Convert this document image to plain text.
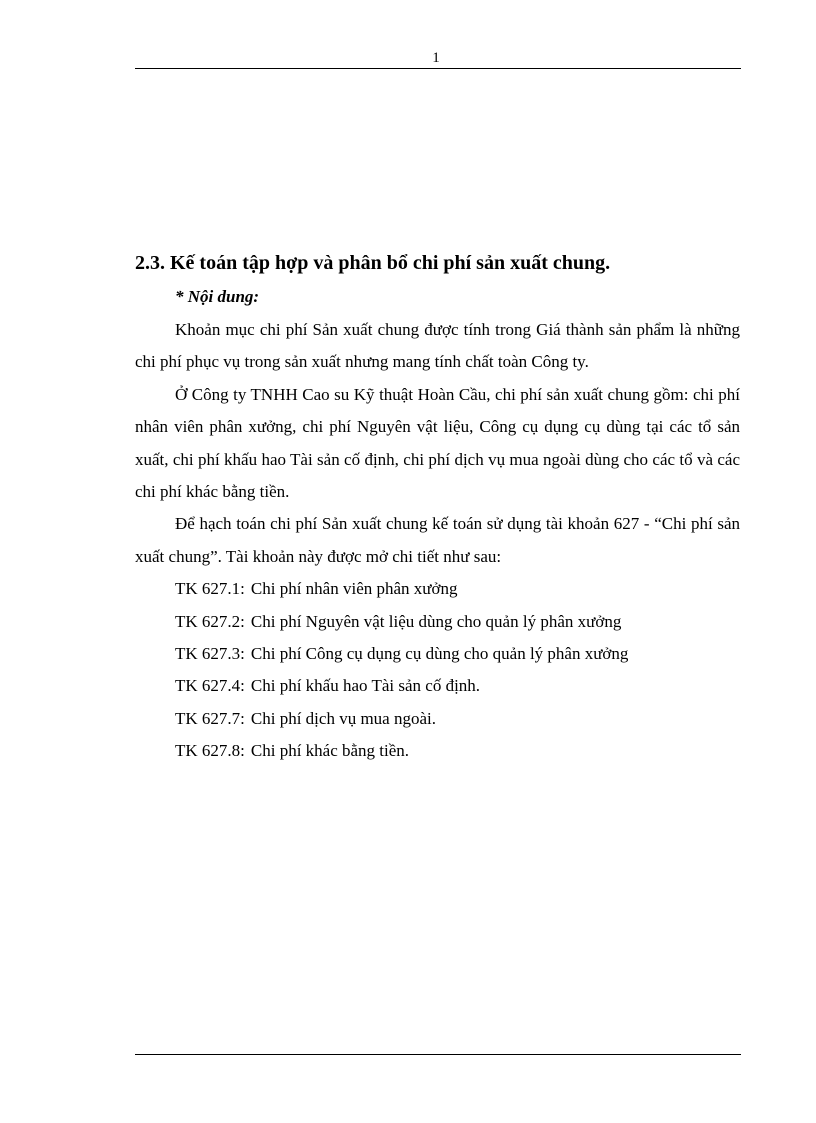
1
2.3. Kế toán tập hợp và phân bổ chi phí sản xuất chung.
* Nội dung:

Khoản mục chi phí Sản xuất chung được tính trong Giá thành sản phẩm là những chi phí phục vụ trong sản xuất nhưng mang tính chất toàn Công ty.

Ở Công ty TNHH Cao su Kỹ thuật Hoàn Cầu, chi phí sản xuất chung gồm: chi phí nhân viên phân xưởng, chi phí Nguyên vật liệu, Công cụ dụng cụ dùng tại các tổ sản xuất, chi phí khấu hao Tài sản cố định, chi phí dịch vụ mua ngoài dùng cho các tổ và các chi phí khác bằng tiền.

Để hạch toán chi phí Sản xuất chung kế toán sử dụng tài khoản 627 - “Chi phí sản xuất chung”. Tài khoản này được mở chi tiết như sau:

TK 627.1: Chi phí nhân viên phân xưởng
TK 627.2: Chi phí Nguyên vật liệu dùng cho quản lý phân xưởng
TK 627.3: Chi phí Công cụ dụng cụ dùng cho quản lý phân xưởng
TK 627.4: Chi phí khấu hao Tài sản cố định.
TK 627.7: Chi phí dịch vụ mua ngoài.
TK 627.8: Chi phí khác bằng tiền.
